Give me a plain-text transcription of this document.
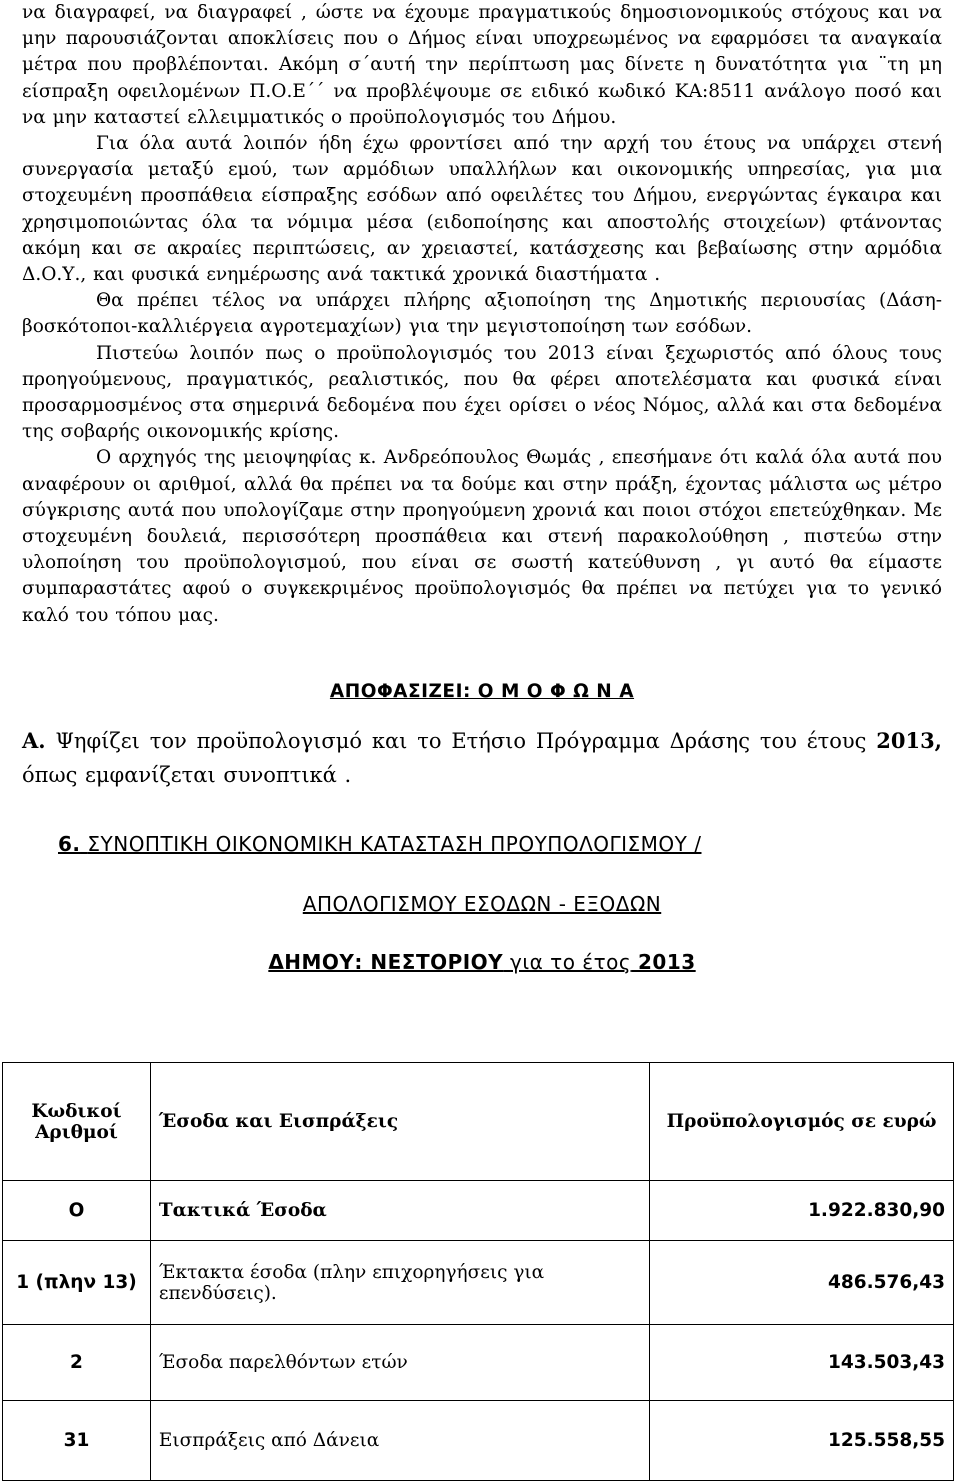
να διαγραφεί, να διαγραφεί , ώστε να έχουμε πραγματικούς δημοσιονομικούς στόχους και να μην παρουσιάζονται αποκλίσεις που ο Δήμος είναι υποχρεωμένος να εφαρμόσει τα αναγκαία μέτρα που προβλέπονται. Ακόμη σ΄αυτή την περίπτωση μας δίνετε η δυνατότητα για ¨τη μη είσπραξη οφειλομένων Π.Ο.Ε΄΄ να προβλέψουμε σε ειδικό κωδικό ΚΑ:8511 ανάλογο ποσό και να μην καταστεί ελλειμματικός ο προϋπολογισμός του Δήμου.

Για όλα αυτά λοιπόν ήδη έχω φροντίσει από την αρχή του έτους να υπάρχει στενή συνεργασία μεταξύ εμού, των αρμόδιων υπαλλήλων και οικονομικής υπηρεσίας, για μια στοχευμένη προσπάθεια είσπραξης εσόδων από οφειλέτες του Δήμου, ενεργώντας έγκαιρα και χρησιμοποιώντας όλα τα νόμιμα μέσα (ειδοποίησης και αποστολής στοιχείων) φτάνοντας ακόμη και σε ακραίες περιπτώσεις, αν χρειαστεί, κατάσχεσης και βεβαίωσης στην αρμόδια Δ.Ο.Υ., και φυσικά ενημέρωσης ανά τακτικά χρονικά διαστήματα .

Θα πρέπει τέλος να υπάρχει πλήρης αξιοποίηση της Δημοτικής περιουσίας (Δάση-βοσκότοποι-καλλιέργεια αγροτεμαχίων) για την μεγιστοποίηση των εσόδων.

Πιστεύω λοιπόν πως ο προϋπολογισμός του 2013 είναι ξεχωριστός από όλους τους προηγούμενους, πραγματικός, ρεαλιστικός, που θα φέρει αποτελέσματα και φυσικά είναι προσαρμοσμένος στα σημερινά δεδομένα που έχει ορίσει ο νέος Νόμος, αλλά και στα δεδομένα της σοβαρής οικονομικής κρίσης.

Ο αρχηγός της μειοψηφίας κ. Ανδρεόπουλος Θωμάς , επεσήμανε ότι καλά όλα αυτά που αναφέρουν οι αριθμοί, αλλά θα πρέπει να τα δούμε και στην πράξη, έχοντας μάλιστα ως μέτρο σύγκρισης αυτά που υπολογίζαμε στην προηγούμενη χρονιά και ποιοι στόχοι επετεύχθηκαν. Με στοχευμένη δουλειά, περισσότερη προσπάθεια και στενή παρακολούθηση , πιστεύω στην υλοποίηση του προϋπολογισμού, που είναι σε σωστή κατεύθυνση , γι αυτό θα είμαστε συμπαραστάτες αφού ο συγκεκριμένος προϋπολογισμός θα πρέπει να πετύχει για το γενικό καλό του τόπου μας.

ΑΠΟΦΑΣΙΖΕΙ: Ο Μ Ο Φ Ω Ν Α

Α. Ψηφίζει τον προϋπολογισμό και το Ετήσιο Πρόγραμμα Δράσης του έτους 2013, όπως εμφανίζεται συνοπτικά .

6. ΣΥΝΟΠΤΙΚΗ ΟΙΚΟΝΟΜΙΚΗ ΚΑΤΑΣΤΑΣΗ ΠΡΟΥΠΟΛΟΓΙΣΜΟΥ /

ΑΠΟΛΟΓΙΣΜΟΥ ΕΣΟΔΩΝ - ΕΞΟΔΩΝ

ΔΗΜΟΥ: ΝΕΣΤΟΡΙΟΥ για το έτος 2013

Κωδικοί Αριθμοί	Έσοδα και Εισπράξεις	Προϋπολογισμός σε ευρώ
Ο	Τακτικά Έσοδα	1.922.830,90
1 (πλην 13)	Έκτακτα έσοδα (πλην επιχορηγήσεις για επενδύσεις).	486.576,43
2	Έσοδα παρελθόντων ετών	143.503,43
31	Εισπράξεις από Δάνεια	125.558,55
